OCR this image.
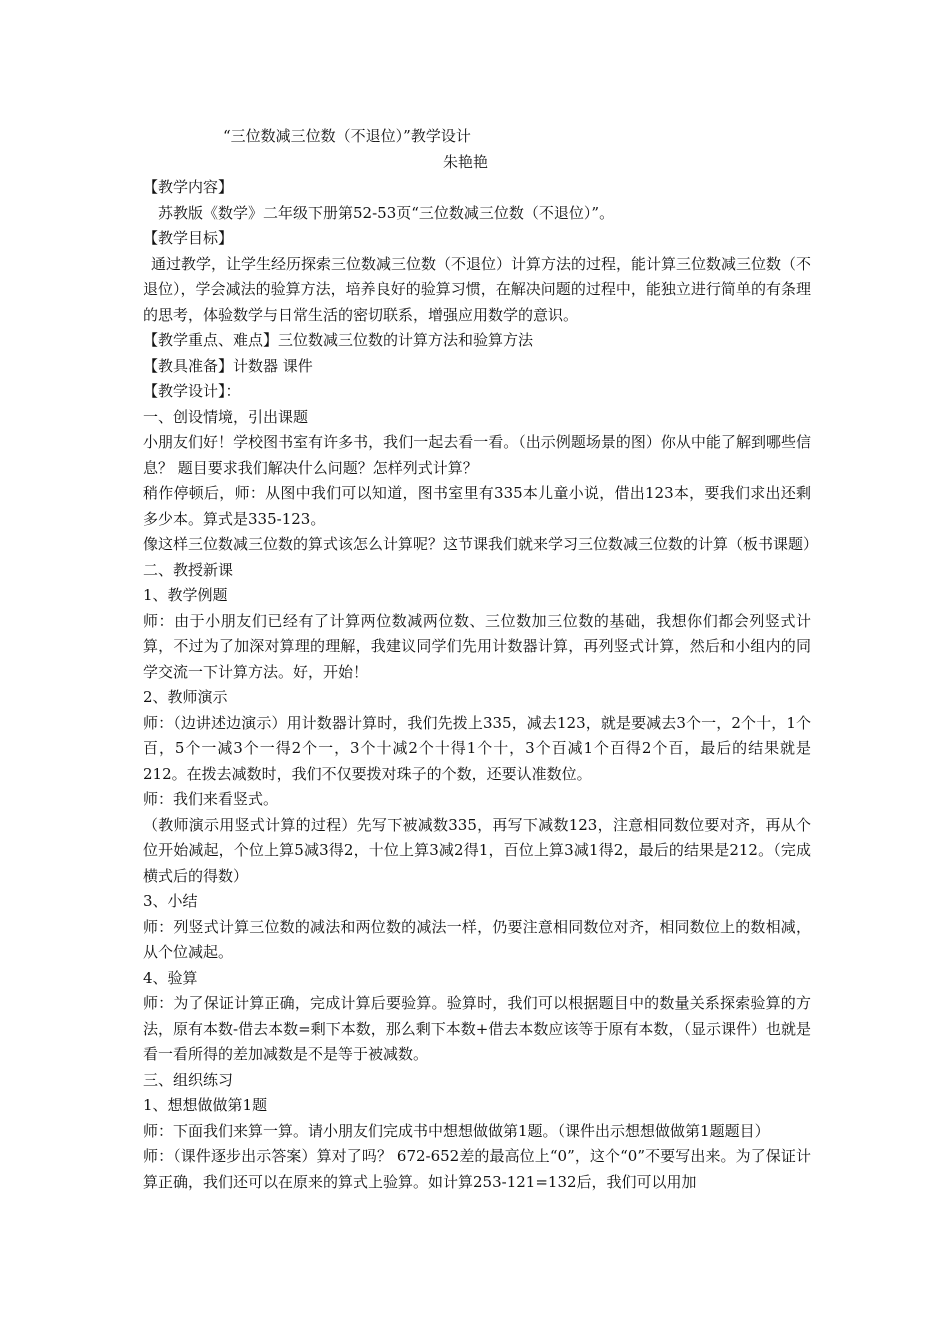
“三位数减三位数（不退位）”教学设计
朱艳艳
【教学内容】
苏教版《数学》二年级下册第52-53页“三位数减三位数（不退位）”。
【教学目标】
通过教学，让学生经历探索三位数减三位数（不退位）计算方法的过程，能计算三位数减三位数（不退位），学会减法的验算方法，培养良好的验算习惯，在解决问题的过程中，能独立进行简单的有条理的思考，体验数学与日常生活的密切联系，增强应用数学的意识。
【教学重点、难点】三位数减三位数的计算方法和验算方法
【教具准备】计数器 课件
【教学设计】：
一、创设情境，引出课题
小朋友们好！学校图书室有许多书，我们一起去看一看。（出示例题场景的图）你从中能了解到哪些信息？ 题目要求我们解决什么问题？怎样列式计算？
稍作停顿后，师：从图中我们可以知道，图书室里有335本儿童小说，借出123本，要我们求出还剩多少本。算式是335-123。
像这样三位数减三位数的算式该怎么计算呢？这节课我们就来学习三位数减三位数的计算（板书课题）
二、教授新课
1、教学例题
师：由于小朋友们已经有了计算两位数减两位数、三位数加三位数的基础，我想你们都会列竖式计算，不过为了加深对算理的理解，我建议同学们先用计数器计算，再列竖式计算，然后和小组内的同学交流一下计算方法。好，开始！
2、教师演示
师：（边讲述边演示）用计数器计算时，我们先拨上335，减去123，就是要减去3个一，2个十，1个百，5个一减3个一得2个一，3个十减2个十得1个十，3个百减1个百得2个百，最后的结果就是212。在拨去减数时，我们不仅要拨对珠子的个数，还要认准数位。
师：我们来看竖式。
（教师演示用竖式计算的过程）先写下被减数335，再写下减数123，注意相同数位要对齐，再从个位开始减起，个位上算5减3得2，十位上算3减2得1，百位上算3减1得2，最后的结果是212。（完成横式后的得数）
3、小结
师：列竖式计算三位数的减法和两位数的减法一样，仍要注意相同数位对齐，相同数位上的数相减，从个位减起。
4、验算
师：为了保证计算正确，完成计算后要验算。验算时，我们可以根据题目中的数量关系探索验算的方法，原有本数-借去本数=剩下本数，那么剩下本数+借去本数应该等于原有本数，（显示课件）也就是看一看所得的差加减数是不是等于被减数。
三、组织练习
1、想想做做第1题
师：下面我们来算一算。请小朋友们完成书中想想做做第1题。（课件出示想想做做第1题题目）
师：（课件逐步出示答案）算对了吗？ 672-652差的最高位上“0”，这个“0”不要写出来。为了保证计算正确，我们还可以在原来的算式上验算。如计算253-121=132后，我们可以用加
